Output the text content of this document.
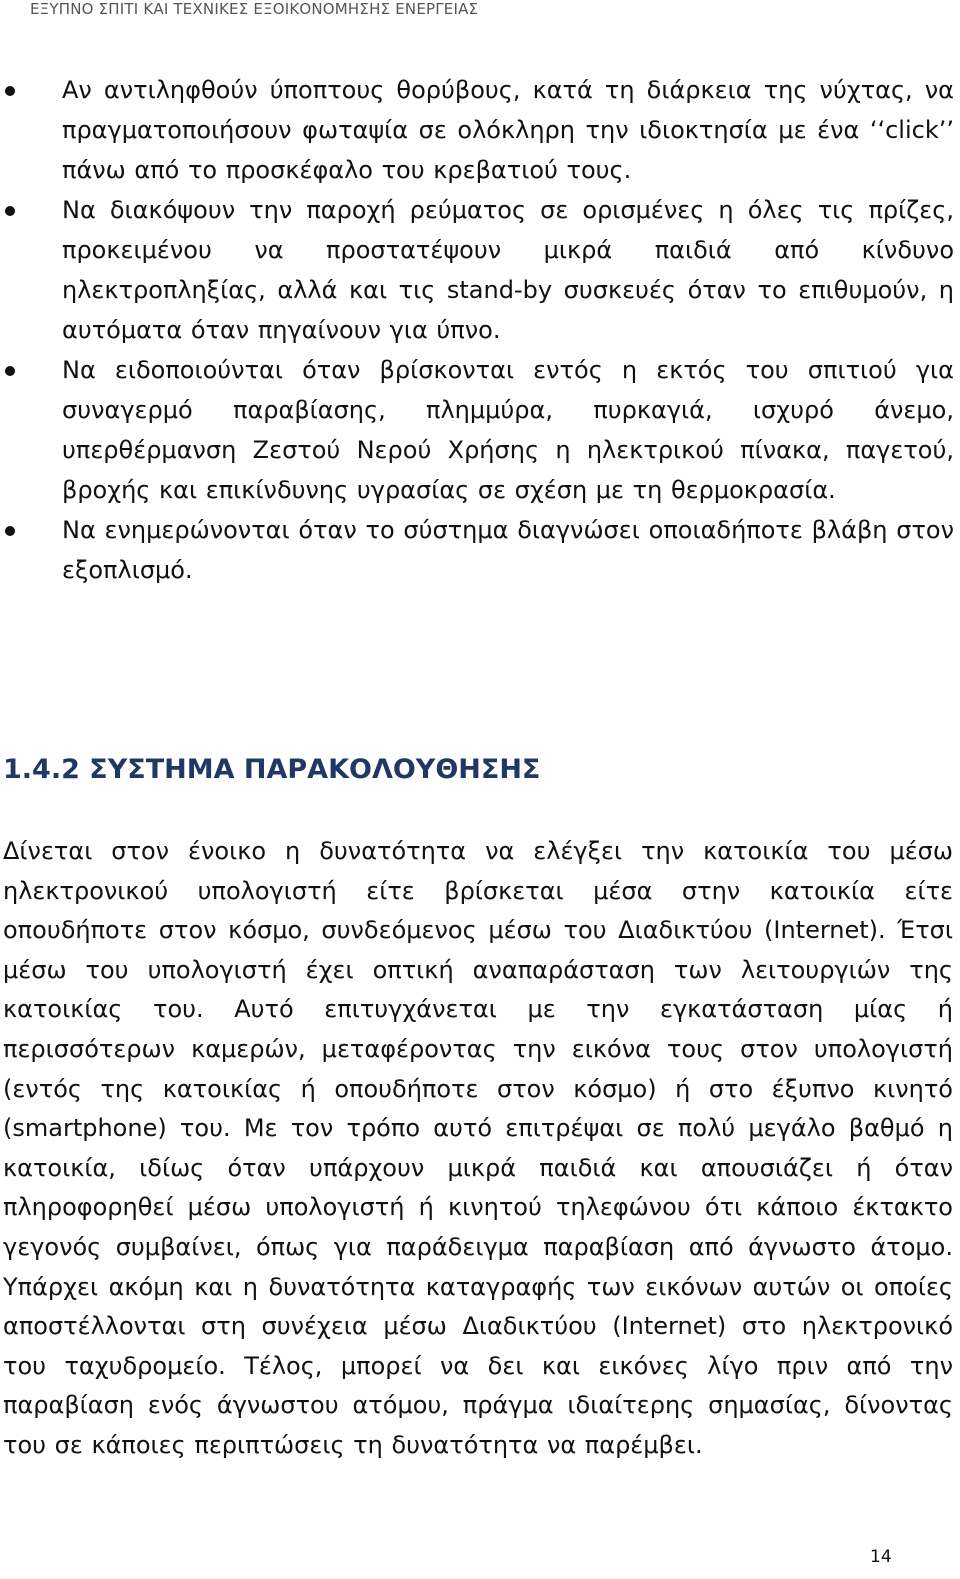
ΕΞΥΠΝΟ ΣΠΙΤΙ ΚΑΙ ΤΕΧΝΙΚΕΣ ΕΞΟΙΚΟΝΟΜΗΣΗΣ ΕΝΕΡΓΕΙΑΣ
Αν αντιληφθούν ύποπτους θορύβους, κατά τη διάρκεια της νύχτας, να πραγματοποιήσουν φωταψία σε ολόκληρη την ιδιοκτησία με ένα ‘‘click’’ πάνω από το προσκέφαλο του κρεβατιού τους.
Να διακόψουν την παροχή ρεύματος σε ορισμένες η όλες τις πρίζες, προκειμένου να προστατέψουν μικρά παιδιά από κίνδυνο ηλεκτροπληξίας, αλλά και τις stand-by συσκευές όταν το επιθυμούν, η αυτόματα όταν πηγαίνουν για ύπνο.
Να ειδοποιούνται όταν βρίσκονται εντός η εκτός του σπιτιού για συναγερμό παραβίασης, πλημμύρα, πυρκαγιά, ισχυρό άνεμο, υπερθέρμανση Ζεστού Νερού Χρήσης η ηλεκτρικού πίνακα, παγετού, βροχής και επικίνδυνης υγρασίας σε σχέση με τη θερμοκρασία.
Να ενημερώνονται όταν το σύστημα διαγνώσει οποιαδήποτε βλάβη στον εξοπλισμό.
1.4.2 ΣΥΣΤΗΜΑ ΠΑΡΑΚΟΛΟΥΘΗΣΗΣ

Δίνεται στον ένοικο η δυνατότητα να ελέγξει την κατοικία του μέσω ηλεκτρονικού υπολογιστή είτε βρίσκεται μέσα στην κατοικία είτε οπουδήποτε στον κόσμο, συνδεόμενος μέσω του Διαδικτύου (Internet). Έτσι μέσω του υπολογιστή έχει οπτική αναπαράσταση των λειτουργιών της κατοικίας του. Αυτό επιτυγχάνεται με την εγκατάσταση μίας ή περισσότερων καμερών, μεταφέροντας την εικόνα τους στον υπολογιστή (εντός της κατοικίας ή οπουδήποτε στον κόσμο) ή στο έξυπνο κινητό (smartphone) του. Με τον τρόπο αυτό επιτρέψαι σε πολύ μεγάλο βαθμό η κατοικία, ιδίως όταν υπάρχουν μικρά παιδιά και απουσιάζει ή όταν πληροφορηθεί μέσω υπολογιστή ή κινητού τηλεφώνου ότι κάποιο έκτακτο γεγονός συμβαίνει, όπως για παράδειγμα παραβίαση από άγνωστο άτομο. Υπάρχει ακόμη και η δυνατότητα καταγραφής των εικόνων αυτών οι οποίες αποστέλλονται στη συνέχεια μέσω Διαδικτύου (Internet) στο ηλεκτρονικό του ταχυδρομείο. Τέλος, μπορεί να δει και εικόνες λίγο πριν από την παραβίαση ενός άγνωστου ατόμου, πράγμα ιδιαίτερης σημασίας, δίνοντας του σε κάποιες περιπτώσεις τη δυνατότητα να παρέμβει.

14
